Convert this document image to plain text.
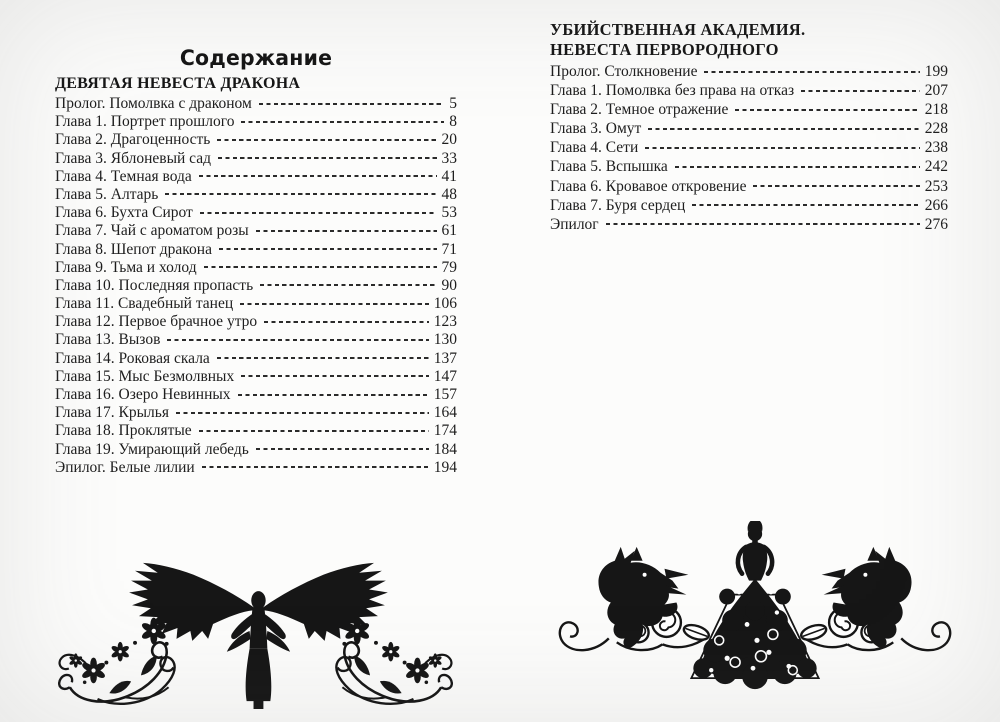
Содержание
ДЕВЯТАЯ НЕВЕСТА ДРАКОНА
Пролог. Помолвка с драконом	5
Глава 1. Портрет прошлого	8
Глава 2. Драгоценность	20
Глава 3. Яблоневый сад	33
Глава 4. Темная вода	41
Глава 5. Алтарь	48
Глава 6. Бухта Сирот	53
Глава 7. Чай с ароматом розы	61
Глава 8. Шепот дракона	71
Глава 9. Тьма и холод	79
Глава 10. Последняя пропасть	90
Глава 11. Свадебный танец	106
Глава 12. Первое брачное утро	123
Глава 13. Вызов	130
Глава 14. Роковая скала	137
Глава 15. Мыс Безмолвных	147
Глава 16. Озеро Невинных	157
Глава 17. Крылья	164
Глава 18. Проклятые	174
Глава 19. Умирающий лебедь	184
Эпилог. Белые лилии	194
УБИЙСТВЕННАЯ АКАДЕМИЯ.
НЕВЕСТА ПЕРВОРОДНОГО
Пролог. Столкновение	199
Глава 1. Помолвка без права на отказ	207
Глава 2. Темное отражение	218
Глава 3. Омут	228
Глава 4. Сети	238
Глава 5. Вспышка	242
Глава 6. Кровавое откровение	253
Глава 7. Буря сердец	266
Эпилог	276
